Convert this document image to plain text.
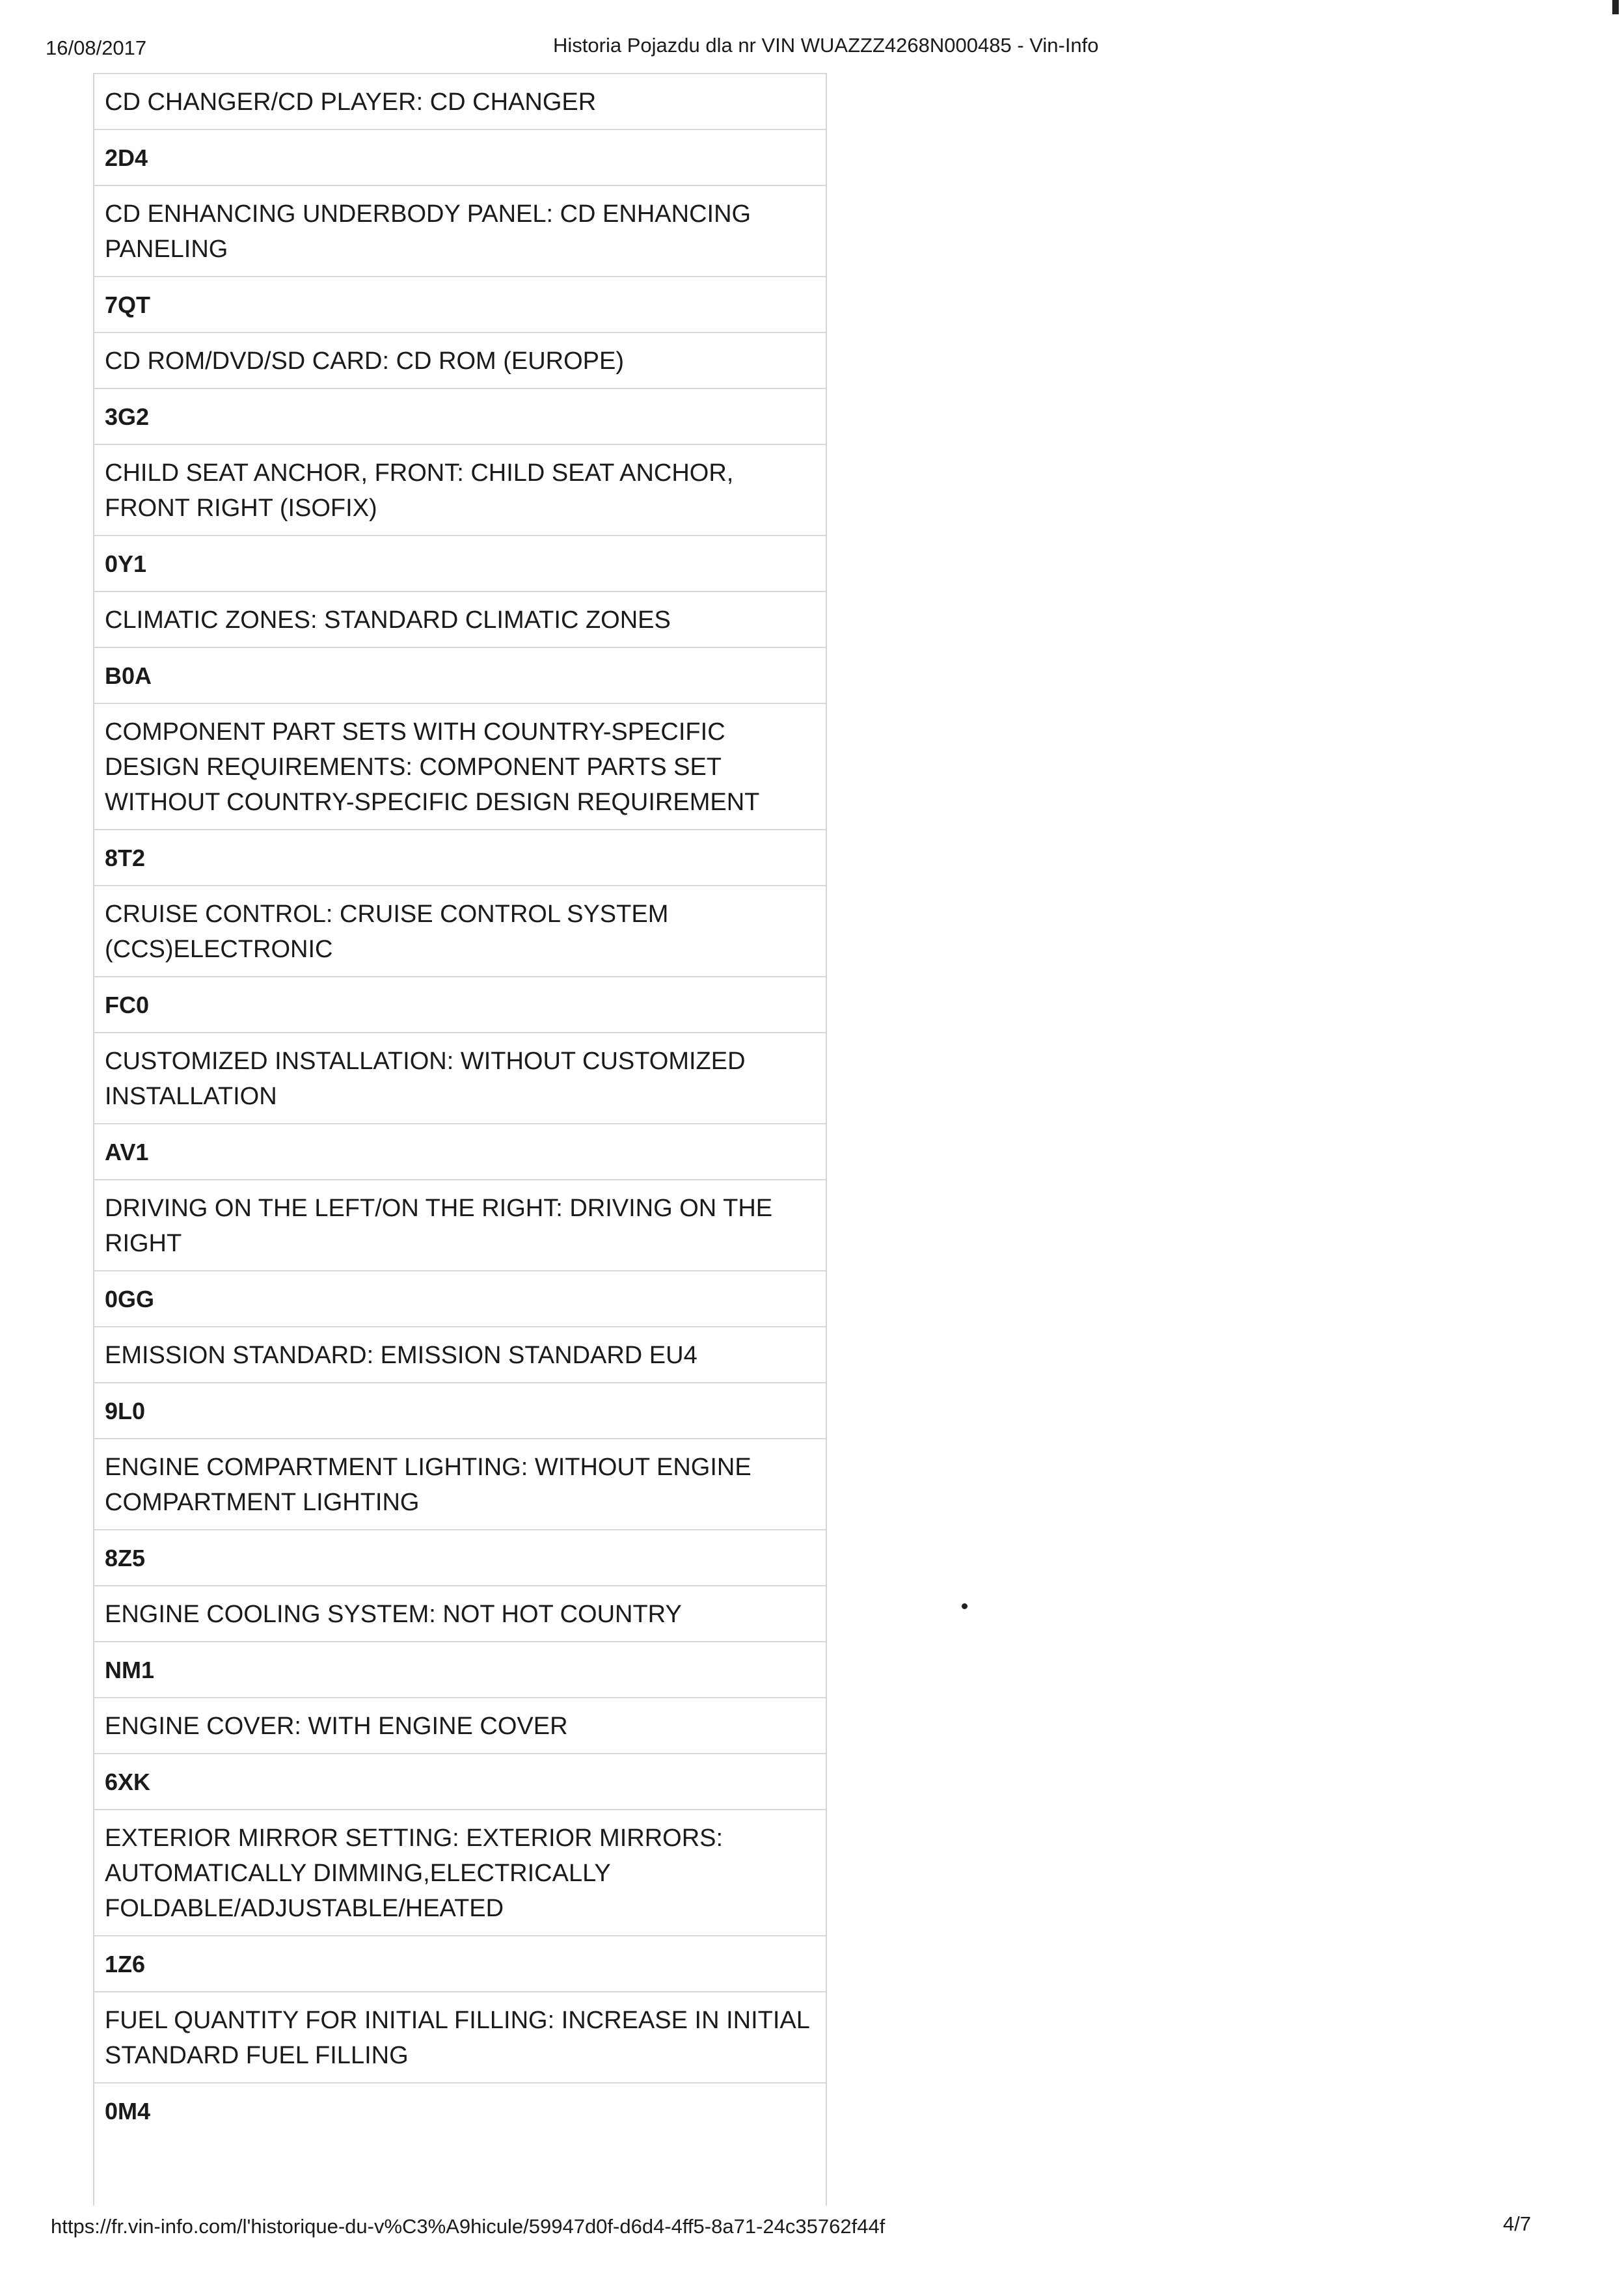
16/08/2017	Historia Pojazdu dla nr VIN WUAZZZ4268N000485 - Vin-Info
CD CHANGER/CD PLAYER: CD CHANGER
2D4
CD ENHANCING UNDERBODY PANEL: CD ENHANCING
PANELING
7QT
CD ROM/DVD/SD CARD: CD ROM (EUROPE)
3G2
CHILD SEAT ANCHOR, FRONT: CHILD SEAT ANCHOR,
FRONT RIGHT (ISOFIX)
0Y1
CLIMATIC ZONES: STANDARD CLIMATIC ZONES
B0A
COMPONENT PART SETS WITH COUNTRY-SPECIFIC
DESIGN REQUIREMENTS: COMPONENT PARTS SET
WITHOUT COUNTRY-SPECIFIC DESIGN REQUIREMENT
8T2
CRUISE CONTROL: CRUISE CONTROL SYSTEM
(CCS)ELECTRONIC
FC0
CUSTOMIZED INSTALLATION: WITHOUT CUSTOMIZED
INSTALLATION
AV1
DRIVING ON THE LEFT/ON THE RIGHT: DRIVING ON THE
RIGHT
0GG
EMISSION STANDARD: EMISSION STANDARD EU4
9L0
ENGINE COMPARTMENT LIGHTING: WITHOUT ENGINE
COMPARTMENT LIGHTING
8Z5
ENGINE COOLING SYSTEM: NOT HOT COUNTRY
NM1
ENGINE COVER: WITH ENGINE COVER
6XK
EXTERIOR MIRROR SETTING: EXTERIOR MIRRORS:
AUTOMATICALLY DIMMING,ELECTRICALLY
FOLDABLE/ADJUSTABLE/HEATED
1Z6
FUEL QUANTITY FOR INITIAL FILLING: INCREASE IN INITIAL
STANDARD FUEL FILLING
0M4
https://fr.vin-info.com/l'historique-du-v%C3%A9hicule/59947d0f-d6d4-4ff5-8a71-24c35762f44f	4/7
